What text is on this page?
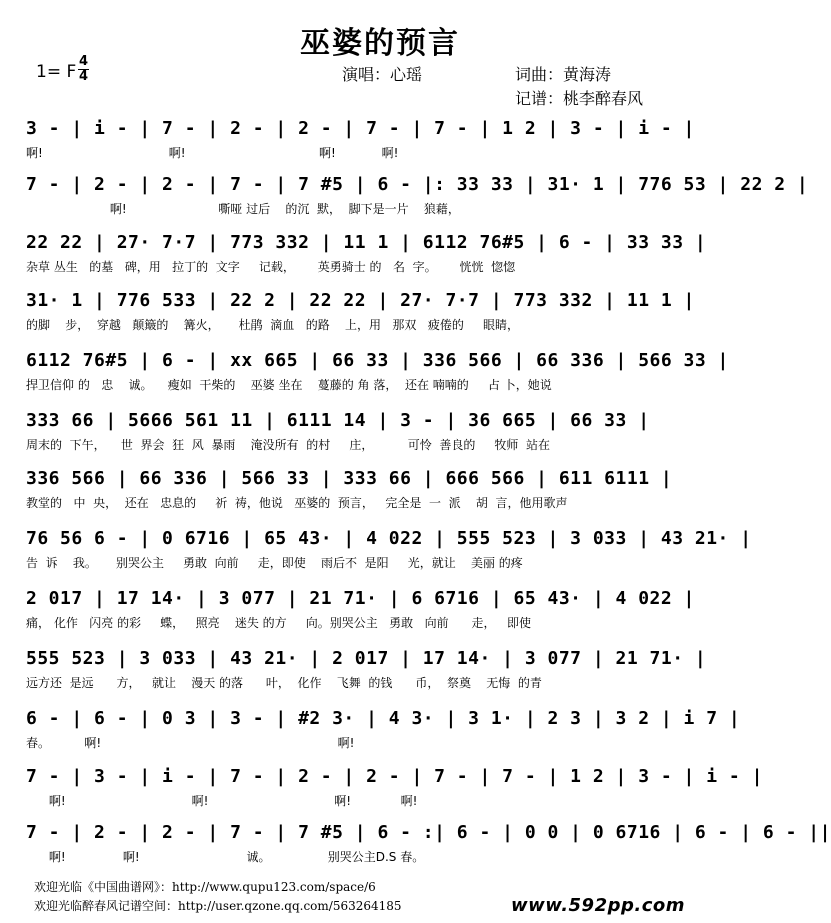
巫婆的预言
1= F
4
4	演唱：心瑶	词曲：黄海涛
记谱：桃李醉春风
3 - | i - | 7 - | 2 - | 2 - | 7 - | 7 - | 1 2 | 3 - | i - |
啊!                                 啊!                                   啊!            啊!
7 - | 2 - | 2 - | 7 - | 7 #5 | 6 - |: 33 33 | 31· 1 | 776 53 | 22 2 |
啊!                        嘶哑 过后    的沉  默，  脚下是一片    狼藉，
22 22 | 27· 7·7 | 773 332 | 11 1 | 6112 76#5 | 6 - | 33 33 |
杂草 丛生   的墓   碑，用   拉丁的  文字     记载，      英勇骑士 的   名  字。      恍恍  惚惚
31· 1 | 776 533 | 22 2 | 22 22 | 27· 7·7 | 773 332 | 11 1 |
的脚    步，  穿越   颠簸的    篝火，     杜鹃  滴血   的路    上，用   那双   疲倦的     眼睛，
6112 76#5 | 6 - | xx 665 | 66 33 | 336 566 | 66 336 | 566 33 |
捍卫信仰 的   忠    诚。    瘦如  干柴的    巫婆 坐在    蔓藤的 角 落，  还在 喃喃的     占 卜，她说
333 66 | 5666 561 11 | 6111 14 | 3 - | 36 665 | 66 33 |
周末的  下午，    世  界会  狂  风  暴雨    淹没所有  的村     庄，         可怜  善良的     牧师  站在
336 566 | 66 336 | 566 33 | 333 66 | 666 566 | 611 6111 |
教堂的   中  央，  还在   忠息的     祈  祷，他说   巫婆的  预言，   完全是  一  派    胡  言，他用歌声
76 56 6 - | 0 6716 | 65 43· | 4 022 | 555 523 | 3 033 | 43 21· |
告  诉    我。     别哭公主     勇敢  向前     走，即使    雨后不  是阳     光，就让    美丽 的疼
2 017 | 17 14· | 3 077 | 21 71· | 6 6716 | 65 43· | 4 022 |
痛， 化作   闪亮 的彩     蝶，   照亮    迷失 的方     向。别哭公主   勇敢   向前      走，   即使
555 523 | 3 033 | 43 21· | 2 017 | 17 14· | 3 077 | 21 71· |
远方还  是远      方，   就让    漫天 的落      叶，  化作    飞舞  的钱      币，  祭奠    无悔  的青
6 - | 6 - | 0 3 | 3 - | #2 3· | 4 3· | 3 1· | 2 3 | 3 2 | i 7 |
春。         啊!                                                              啊!
7 - | 3 - | i - | 7 - | 2 - | 2 - | 7 - | 7 - | 1 2 | 3 - | i - |
啊!                                 啊!                                 啊!             啊!
7 - | 2 - | 2 - | 7 - | 7 #5 | 6 - :| 6 - | 0 0 | 0 6716 | 6 - | 6 - ||
啊!               啊!                            诚。               别哭公主D.S 春。
欢迎光临《中国曲谱网》：http://www.qupu123.com/space/6
欢迎光临醉春风记谱空间：http://user.qzone.qq.com/563264185	www.592pp.com
